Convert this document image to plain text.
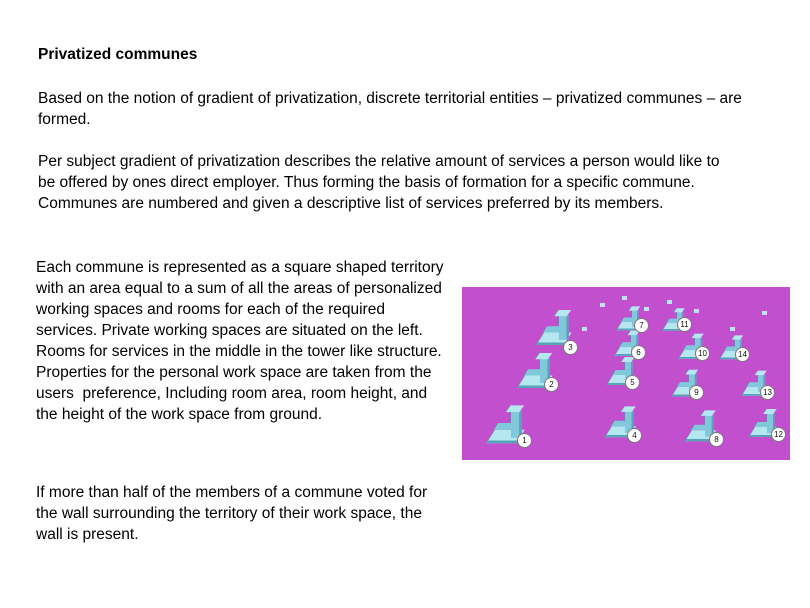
Privatized communes
Based on the notion of gradient of privatization, discrete territorial entities – privatized communes – are formed.
Per subject gradient of privatization describes the relative amount of services a person would like to be offered by ones direct employer. Thus forming the basis of formation for a specific commune. Communes are numbered and given a descriptive list of services preferred by its members.
Each commune is represented as a square shaped territory with an area equal to a sum of all the areas of personalized working spaces and rooms for each of the required services. Private working spaces are situated on the left. Rooms for services in the middle in the tower like structure. Properties for the personal work space are taken from the users  preference, Including room area, room height, and the height of the work space from ground.
If more than half of the members of a commune voted for the wall surrounding the territory of their work space, the wall is present.
1
2
3
4
5
6
7
8
9
10
11
12
13
14
